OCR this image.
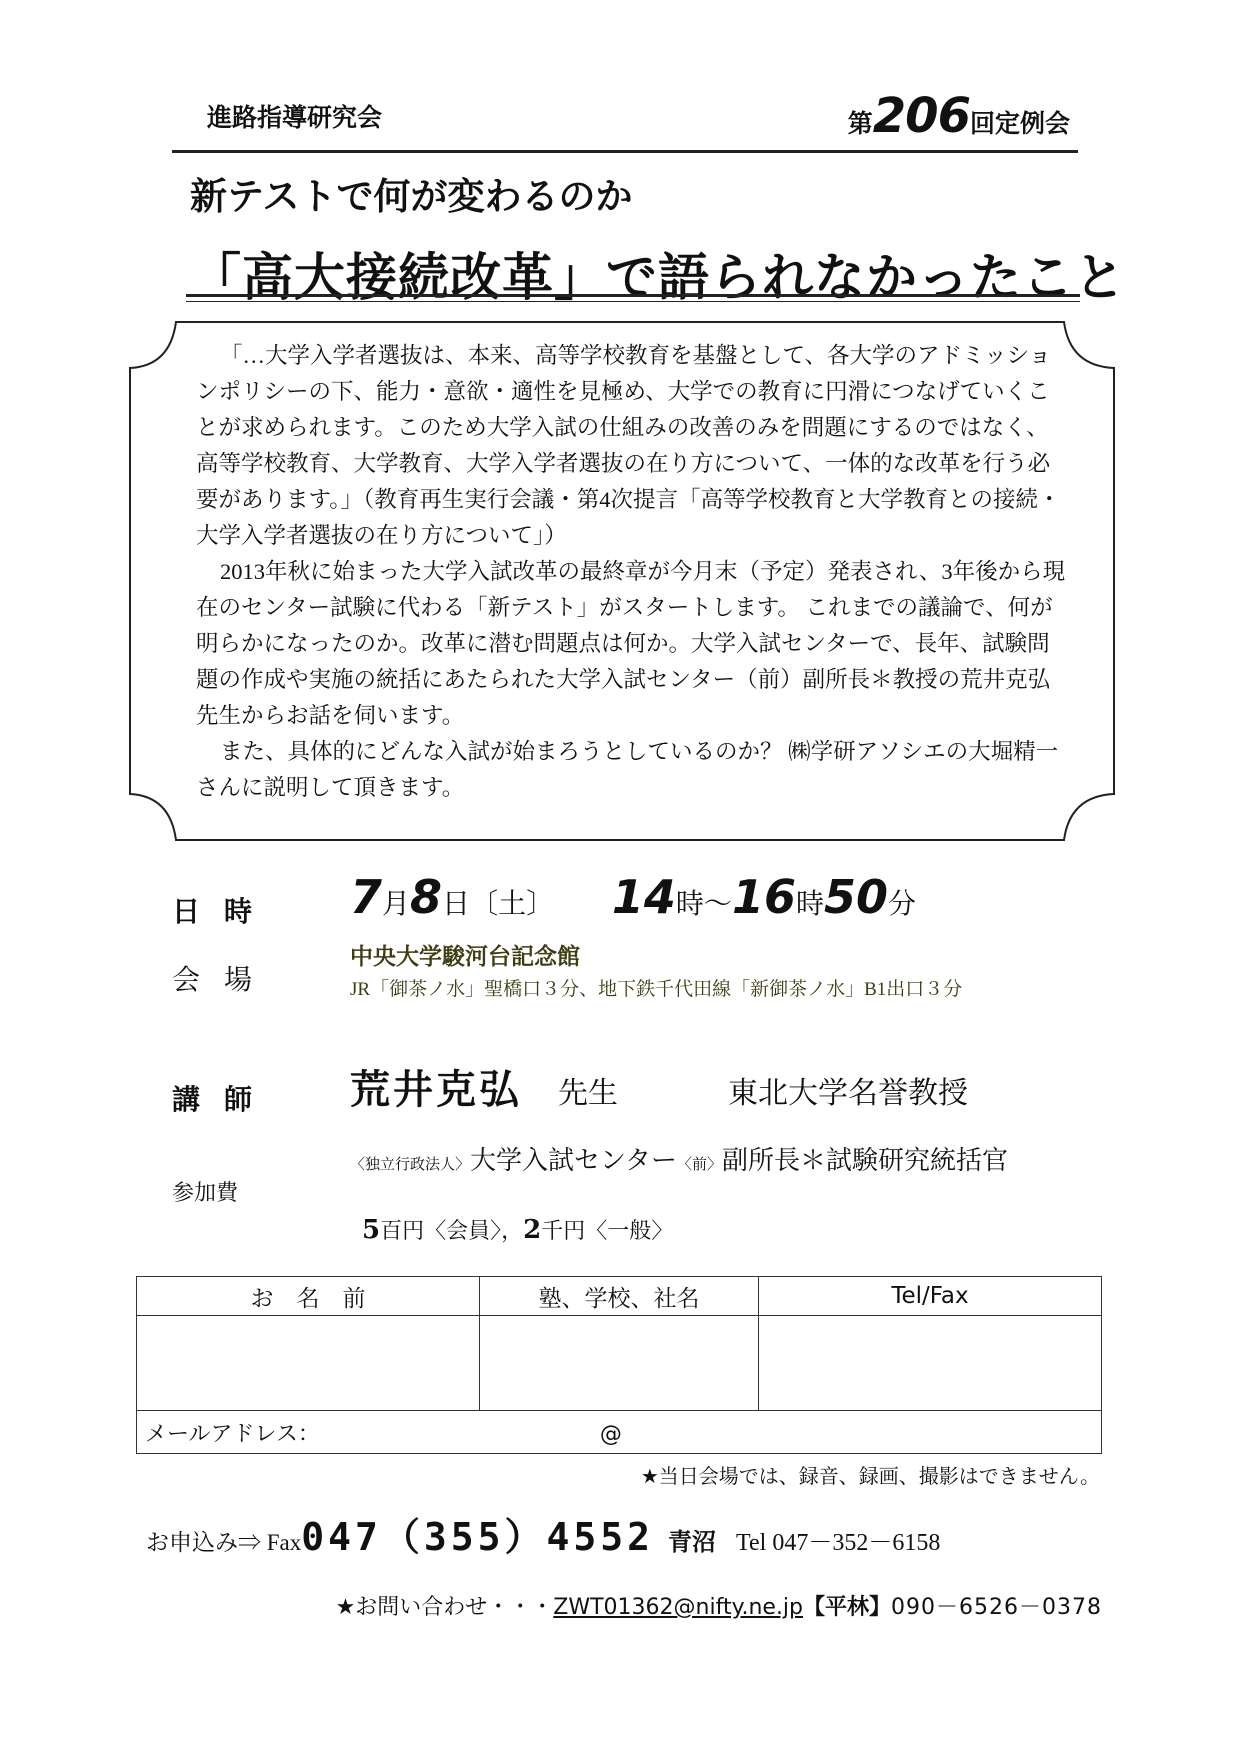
進路指導研究会	第206回定例会
新テストで何が変わるのか
「高大接続改革」で語られなかったこと

「…大学入学者選抜は、本来、高等学校教育を基盤として、各大学のアドミッションポリシーの下、能力・意欲・適性を見極め、大学での教育に円滑につなげていくことが求められます。このため大学入試の仕組みの改善のみを問題にするのではなく、高等学校教育、大学教育、大学入学者選抜の在り方について、一体的な改革を行う必要があります。」（教育再生実行会議・第4次提言「高等学校教育と大学教育との接続・大学入学者選抜の在り方について」）

2013年秋に始まった大学入試改革の最終章が今月末（予定）発表され、3年後から現在のセンター試験に代わる「新テスト」がスタートします。 これまでの議論で、何が明らかになったのか。改革に潜む問題点は何か。大学入試センターで、長年、試験問題の作成や実施の統括にあたられた大学入試センター（前）副所長＊教授の荒井克弘先生からお話を伺います。

また、具体的にどんな入試が始まろうとしているのか？ ㈱学研アソシエの大堀精一さんに説明して頂きます。

日時 7月8日〔土〕 14時～16時50分
会場
中央大学駿河台記念館
JR「御茶ノ水」聖橋口３分、地下鉄千代田線「新御茶ノ水」B1出口３分
講師 荒井克弘 先生	東北大学名誉教授
〈独立行政法人〉大学入試センター〈前〉副所長＊試験研究統括官
参加費
5百円〈会員〉，2千円〈一般〉
お　名　前	塾、学校、社名	Tel/Fax

メールアドレス： @		
★当日会場では、録音、録画、撮影はできません。
お申込み⇒ Fax047（355）4552 青沼 Tel 047－352－6158
★お問い合わせ・・・ZWT01362@nifty.ne.jp【平林】090－6526－0378
